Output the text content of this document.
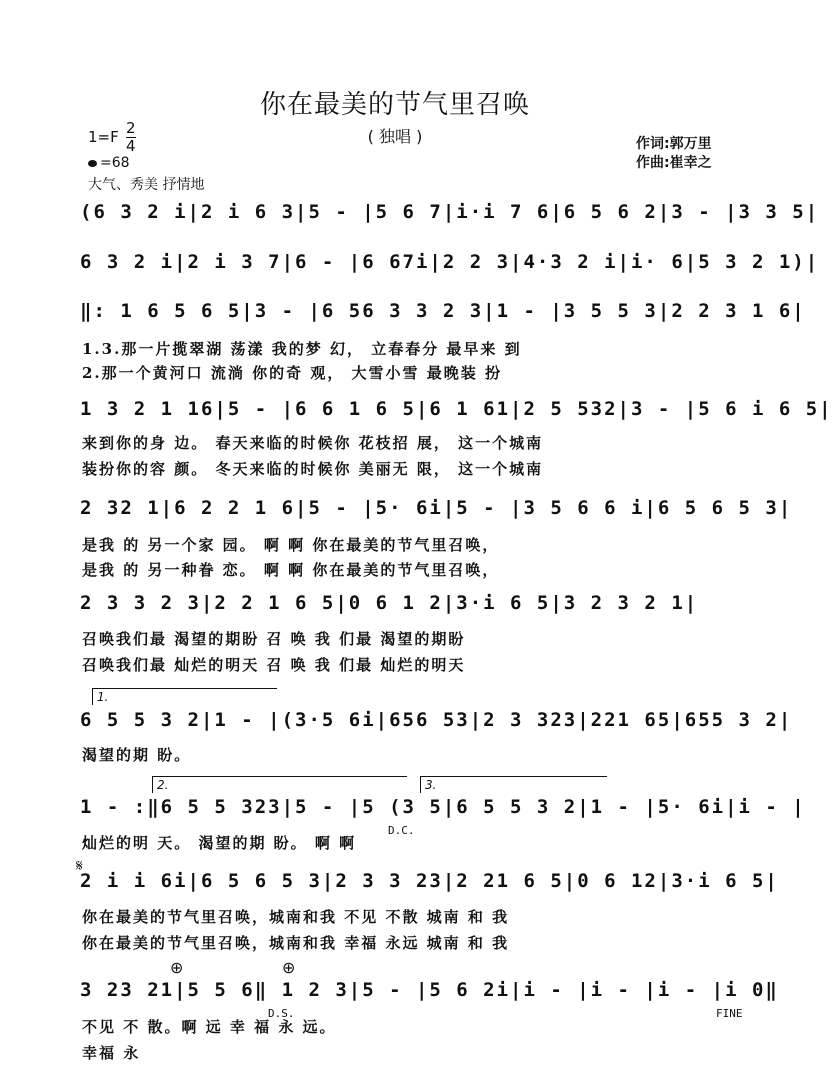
你在最美的节气里召唤
( 独唱 )	作词:郭万里
作曲:崔幸之
$1=F \frac{2}{4}$
=68
大气、秀美 抒情地
(6 3 2 i|2 i 6 3|5 - |5 6 7|i·i 7 6|6 5 6 2|3 - |3 3 5|
6 3 2 i|2 i 3 7|6 - |6 67i|2 2 3|4·3 2 i|i· 6|5 3 2 1)|
‖: 1 6 5 6 5|3 - |6 56 3 3 2 3|1 - |3 5 5 3|2 2 3 1 6|
1.3.那一片揽翠湖 荡漾 我的梦 幻， 立春春分 最早来 到
2.那一个黄河口 流淌 你的奇 观， 大雪小雪 最晚装 扮
1 3 2 1 16|5 - |6 6 1 6 5|6 1 61|2 5 532|3 - |5 6 i 6 5|
来到你的身 边。 春天来临的时候你 花枝招 展， 这一个城南
装扮你的容 颜。 冬天来临的时候你 美丽无 限， 这一个城南
2 32 1|6 2 2 1 6|5 - |5· 6i|5 - |3 5 6 6 i|6 5 6 5 3|
是我 的 另一个家 园。 啊 啊 你在最美的节气里召唤，
是我 的 另一种眷 恋。 啊 啊 你在最美的节气里召唤，
2 3 3 2 3|2 2 1 6 5|0 6 1 2|3·i 6 5|3 2 3 2 1|
召唤我们最 渴望的期盼 召 唤 我 们最 渴望的期盼
召唤我们最 灿烂的明天 召 唤 我 们最 灿烂的明天
1.
6 5 5 3 2|1 - |(3·5 6i|656 53|2 3 323|221 65|655 3 2|
渴望的期 盼。
2.	3.
1 - :‖6 5 5 323|5 - |5 (3 5|6 5 5 3 2|1 - |5· 6i|i - |
D.C.
灿烂的明 天。 渴望的期 盼。 啊 啊
𝄋
2 i i 6i|6 5 6 5 3|2 3 3 23|2 21 6 5|0 6 12|3·i 6 5|
你在最美的节气里召唤，城南和我 不见 不散 城南 和 我
你在最美的节气里召唤，城南和我 幸福 永远 城南 和 我
⊕	⊕
3 23 21|5 5 6‖ 1 2 3|5 - |5 6 2i|i - |i - |i - |i 0‖
D.S.	FINE
不见 不 散。啊 远 幸 福 永 远。
幸福 永
